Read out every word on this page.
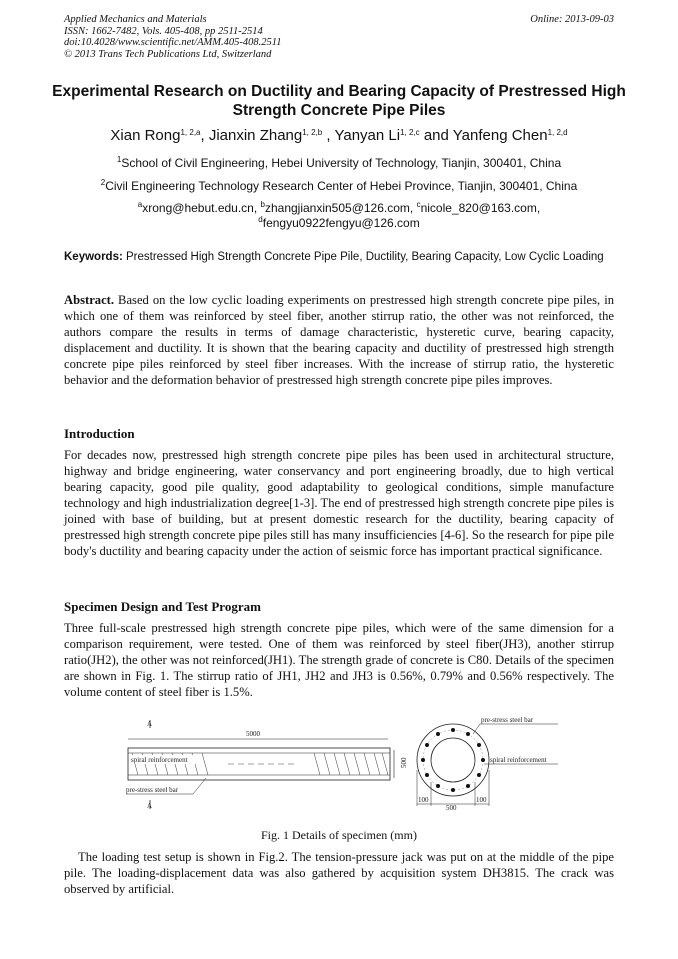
Applied Mechanics and Materials
ISSN: 1662-7482, Vols. 405-408, pp 2511-2514
doi:10.4028/www.scientific.net/AMM.405-408.2511
© 2013 Trans Tech Publications Ltd, Switzerland
Online: 2013-09-03
Experimental Research on Ductility and Bearing Capacity of Prestressed High Strength Concrete Pipe Piles
Xian Rong$^{1, 2,a}$, Jianxin Zhang$^{1, 2,b}$ , Yanyan Li$^{1, 2,c}$ and Yanfeng Chen$^{1, 2,d}$
$^1$School of Civil Engineering, Hebei University of Technology, Tianjin, 300401, China
$^2$Civil Engineering Technology Research Center of Hebei Province, Tianjin, 300401, China
$^a$xrong@hebut.edu.cn, $^b$zhangjianxin505@126.com, $^c$nicole_820@163.com,
$^d$fengyu0922fengyu@126.com
Keywords: Prestressed High Strength Concrete Pipe Pile, Ductility, Bearing Capacity, Low Cyclic Loading
Abstract. Based on the low cyclic loading experiments on prestressed high strength concrete pipe piles, in which one of them was reinforced by steel fiber, another stirrup ratio, the other was not reinforced, the authors compare the results in terms of damage characteristic, hysteretic curve, bearing capacity, displacement and ductility. It is shown that the bearing capacity and ductility of prestressed high strength concrete pipe piles reinforced by steel fiber increases. With the increase of stirrup ratio, the hysteretic behavior and the deformation behavior of prestressed high strength concrete pipe piles improves.
Introduction
For decades now, prestressed high strength concrete pipe piles has been used in architectural structure, highway and bridge engineering, water conservancy and port engineering broadly, due to high vertical bearing capacity, good pile quality, good adaptability to geological conditions, simple manufacture technology and high industrialization degree[1-3]. The end of prestressed high strength concrete pipe piles is joined with base of building, but at present domestic research for the ductility, bearing capacity of prestressed high strength concrete pipe piles still has many insufficiencies [4-6]. So the research for pipe pile body's ductility and bearing capacity under the action of seismic force has important practical significance.
Specimen Design and Test Program
Three full-scale prestressed high strength concrete pipe piles, which were of the same dimension for a comparison requirement, were tested. One of them was reinforced by steel fiber(JH3), another stirrup ratio(JH2), the other was not reinforced(JH1). The strength grade of concrete is C80. Details of the specimen are shown in Fig. 1. The stirrup ratio of JH1, JH2 and JH3 is 0.56%, 0.79% and 0.56% respectively. The volume content of steel fiber is 1.5%.
A
5000
spiral reinforcement
pre-stress steel bar
500
A
pre-stress steel bar
spiral reinforcement
100
500
100
Fig. 1 Details of specimen (mm)
The loading test setup is shown in Fig.2. The tension-pressure jack was put on at the middle of the pipe pile. The loading-displacement data was also gathered by acquisition system DH3815. The crack was observed by artificial.
